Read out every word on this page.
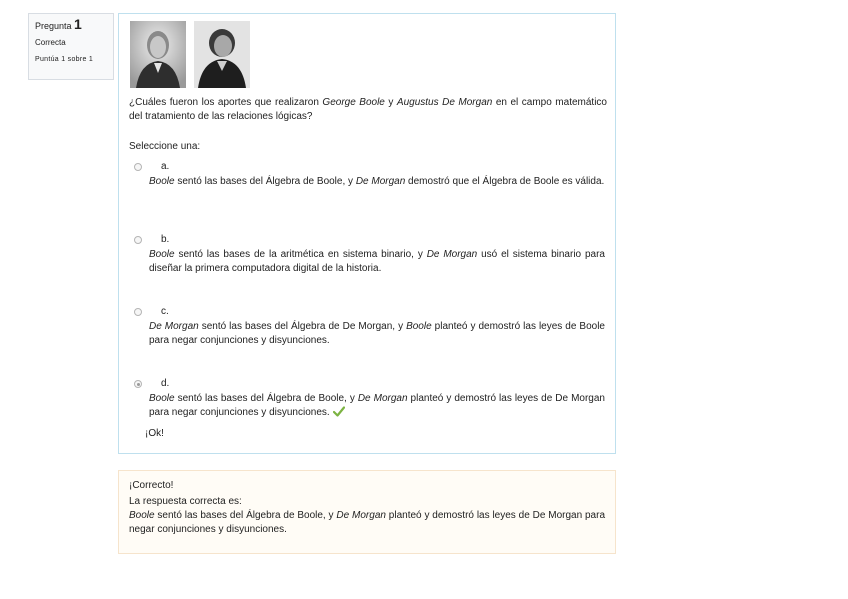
Pregunta 1
Correcta
Puntúa 1 sobre 1
¿Cuáles fueron los aportes que realizaron George Boole y Augustus De Morgan en el campo matemático del tratamiento de las relaciones lógicas?
Seleccione una:
a.
Boole sentó las bases del Álgebra de Boole, y De Morgan demostró que el Álgebra de Boole es válida.
b.
Boole sentó las bases de la aritmética en sistema binario, y De Morgan usó el sistema binario para diseñar la primera computadora digital de la historia.
c.
De Morgan sentó las bases del Álgebra de De Morgan, y Boole planteó y demostró las leyes de Boole para negar conjunciones y disyunciones.
d.
Boole sentó las bases del Álgebra de Boole, y De Morgan planteó y demostró las leyes de De Morgan para negar conjunciones y disyunciones.
¡Ok!
¡Correcto!
La respuesta correcta es:
Boole sentó las bases del Álgebra de Boole, y De Morgan planteó y demostró las leyes de De Morgan para negar conjunciones y disyunciones.
